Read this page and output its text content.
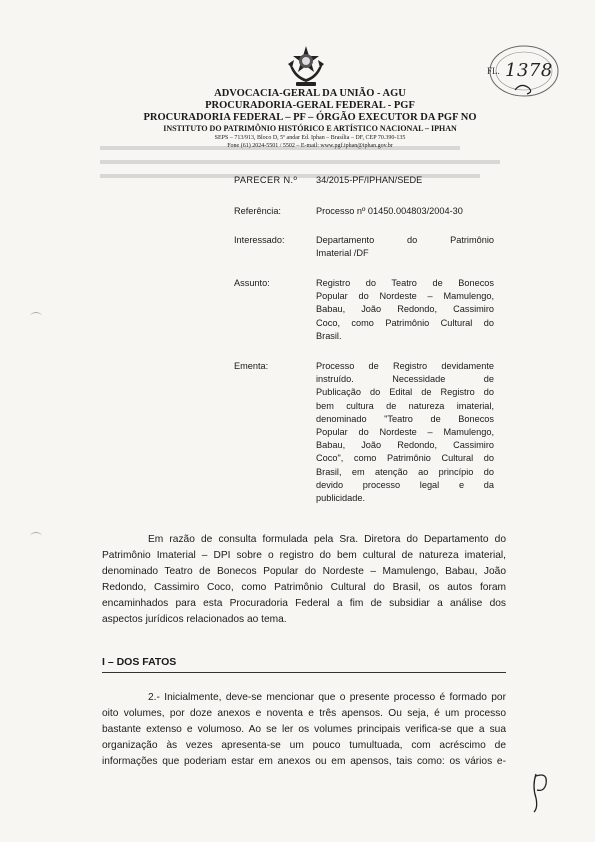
ADVOCACIA-GERAL DA UNIÃO - AGU
PROCURADORIA-GERAL FEDERAL - PGF
PROCURADORIA FEDERAL – PF – ÓRGÃO EXECUTOR DA PGF NO
INSTITUTO DO PATRIMÔNIO HISTÓRICO E ARTÍSTICO NACIONAL – IPHAN
SEPS – 713/913, Bloco D, 5º andar Ed. Iphan – Brasília – DF, CEP 70.390-135
Fone (61) 2024-5501 / 5502 – E-mail: www.pgf.iphan@iphan.gov.br
FL. 1378
PARECER N.º	34/2015-PF/IPHAN/SEDE
Referência:	Processo nº 01450.004803/2004-30
Interessado:	Departamento do Patrimônio
Imaterial /DF
Assunto:	Registro do Teatro de Bonecos
Popular do Nordeste – Mamulengo,
Babau, João Redondo, Cassimiro
Coco, como Patrimônio Cultural do
Brasil.
Ementa:	Processo de Registro devidamente
instruído. Necessidade de
Publicação do Edital de Registro do
bem cultura de natureza imaterial,
denominado "Teatro de Bonecos
Popular do Nordeste – Mamulengo,
Babau, João Redondo, Cassimiro
Coco", como Patrimônio Cultural do
Brasil, em atenção ao princípio do
devido processo legal e da
publicidade.
Em razão de consulta formulada pela Sra. Diretora do Departamento do
Patrimônio Imaterial – DPI sobre o registro do bem cultural de natureza imaterial,
denominado Teatro de Bonecos Popular do Nordeste – Mamulengo, Babau, João
Redondo, Cassimiro Coco, como Patrimônio Cultural do Brasil, os autos foram
encaminhados para esta Procuradoria Federal a fim de subsidiar a análise dos
aspectos jurídicos relacionados ao tema.
I – DOS FATOS
2.- Inicialmente, deve-se mencionar que o presente processo é formado por
oito volumes, por doze anexos e noventa e três apensos. Ou seja, é um processo
bastante extenso e volumoso. Ao se ler os volumes principais verifica-se que a sua
organização às vezes apresenta-se um pouco tumultuada, com acréscimo de
informações que poderiam estar em anexos ou em apensos, tais como: os vários e-
